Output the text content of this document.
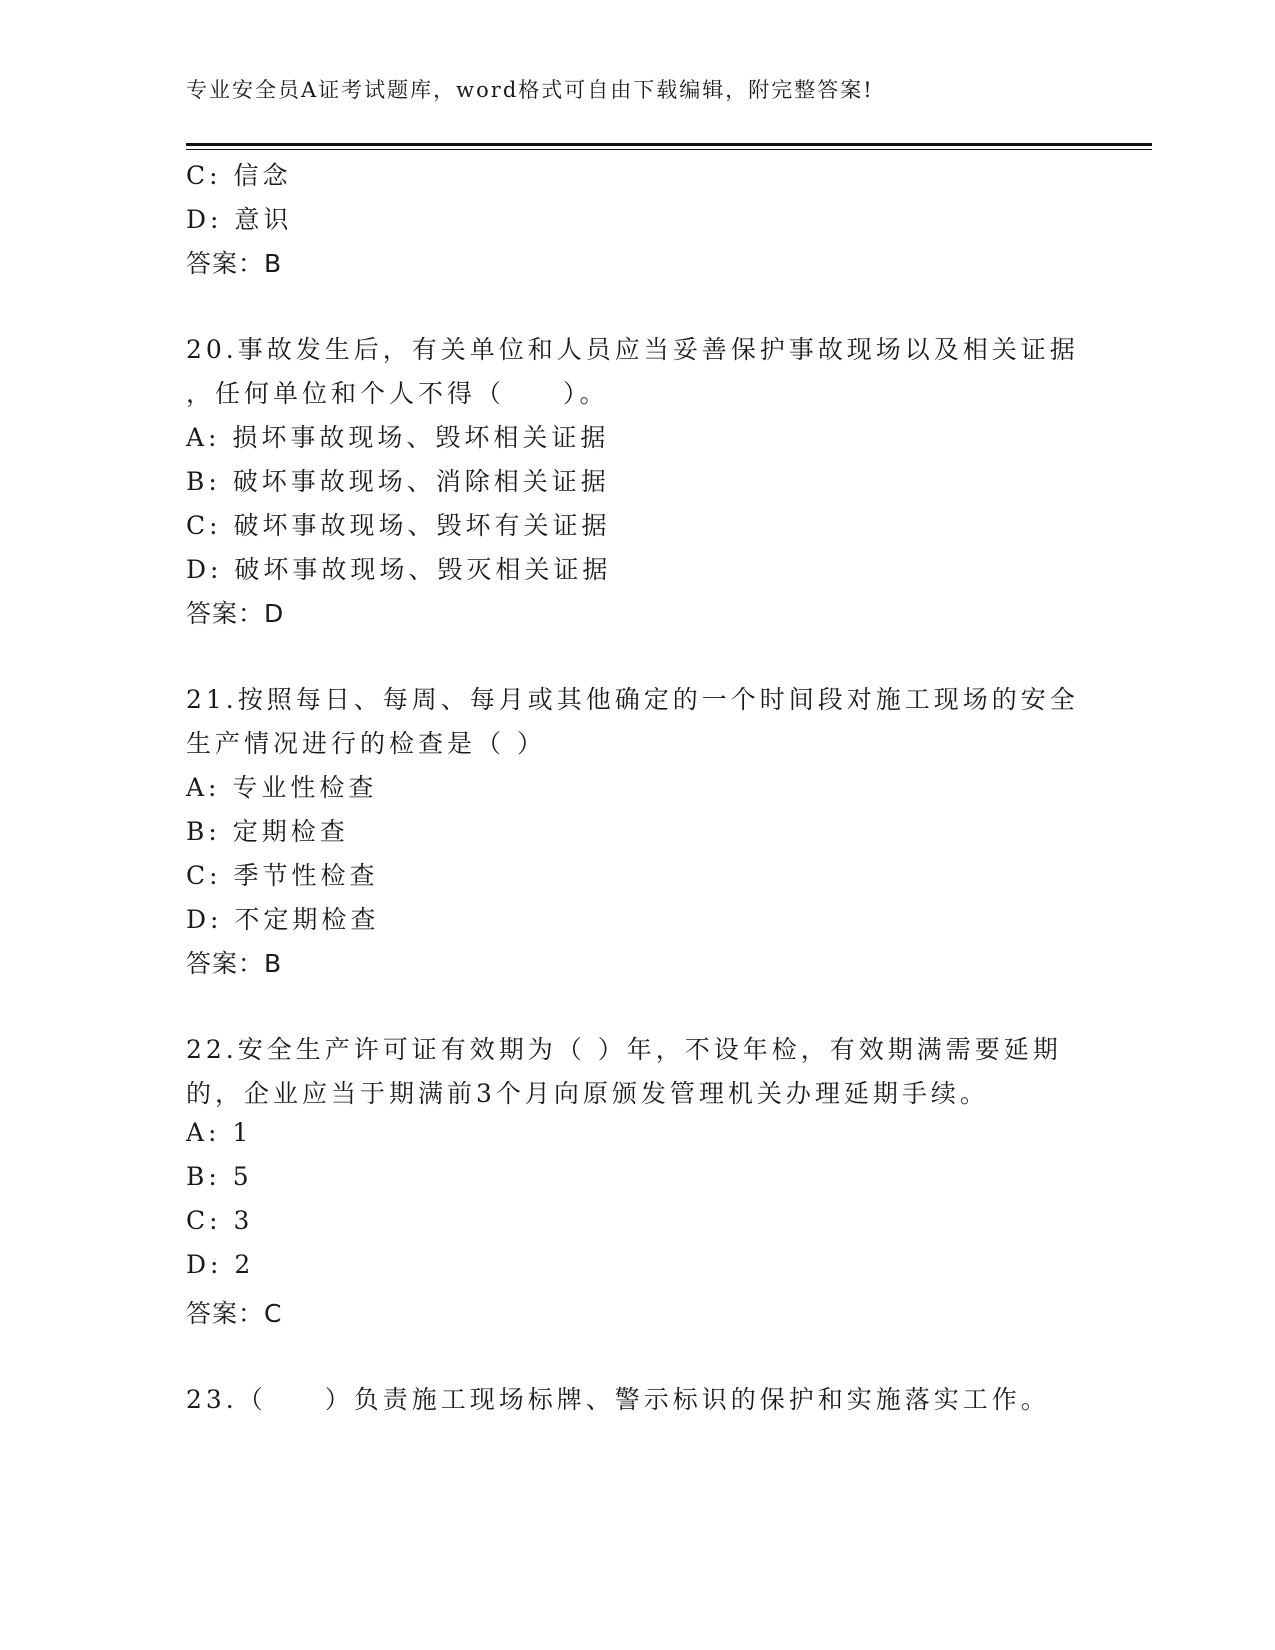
专业安全员A证考试题库，word格式可自由下载编辑，附完整答案!
C: 信念
D: 意识
答案：B
20.事故发生后，有关单位和人员应当妥善保护事故现场以及相关证据
，任何单位和个人不得（　　）。
A: 损坏事故现场、毁坏相关证据
B: 破坏事故现场、消除相关证据
C: 破坏事故现场、毁坏有关证据
D: 破坏事故现场、毁灭相关证据
答案：D
21.按照每日、每周、每月或其他确定的一个时间段对施工现场的安全
生产情况进行的检查是（ ）
A: 专业性检查
B: 定期检查
C: 季节性检查
D: 不定期检查
答案：B
22.安全生产许可证有效期为（ ）年，不设年检，有效期满需要延期
的，企业应当于期满前3个月向原颁发管理机关办理延期手续。
A: 1
B: 5
C: 3
D: 2
答案：C
23.（　　）负责施工现场标牌、警示标识的保护和实施落实工作。
